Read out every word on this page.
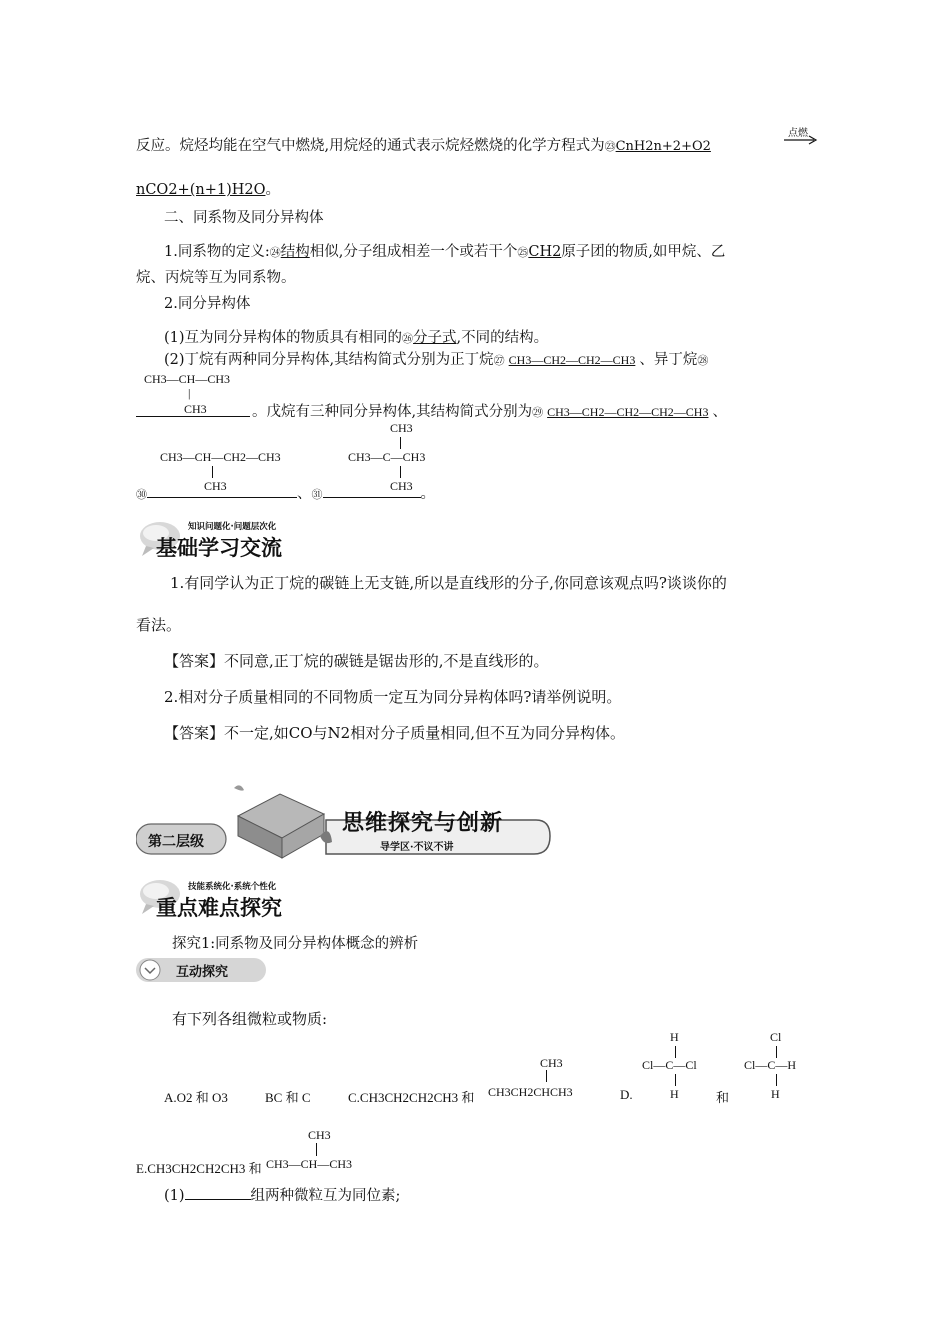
反应。烷烃均能在空气中燃烧,用烷烃的通式表示烷烃燃烧的化学方程式为㉓CnH2n+2+O2
点燃
nCO2+(n+1)H2O。
二、同系物及同分异构体
1.同系物的定义:㉔结构相似,分子组成相差一个或若干个㉕CH2原子团的物质,如甲烷、乙
烷、丙烷等互为同系物。
2.同分异构体
(1)互为同分异构体的物质具有相同的㉖分子式,不同的结构。
(2)丁烷有两种同分异构体,其结构简式分别为正丁烷㉗ CH3—CH2—CH2—CH3 、异丁烷㉘
CH3—CH—CH3
|
CH3	。戊烷有三种同分异构体,其结构简式分别为㉙ CH3—CH2—CH2—CH2—CH3 、
CH3—CH—CH2—CH3
CH3
CH3
CH3—C—CH3
CH3
㉚	、㉛	。
知识问题化·问题层次化
基础学习交流
1.有同学认为正丁烷的碳链上无支链,所以是直线形的分子,你同意该观点吗?谈谈你的
看法。
【答案】不同意,正丁烷的碳链是锯齿形的,不是直线形的。
2.相对分子质量相同的不同物质一定互为同分异构体吗?请举例说明。
【答案】不一定,如CO与N2相对分子质量相同,但不互为同分异构体。
第二层级
思维探究与创新
导学区·不议不讲
技能系统化·系统个性化
重点难点探究
探究1:同系物及同分异构体概念的辨析
互动探究
有下列各组微粒或物质:
A.O2 和 O3	BC 和 C	C.CH3CH2CH2CH3 和
CH3
CH3CH2CHCH3	D.
H
Cl—C—Cl
H	和
Cl
Cl—C—H
H
CH3
E.CH3CH2CH2CH3 和 CH3—CH—CH3
(1)	组两种微粒互为同位素;
